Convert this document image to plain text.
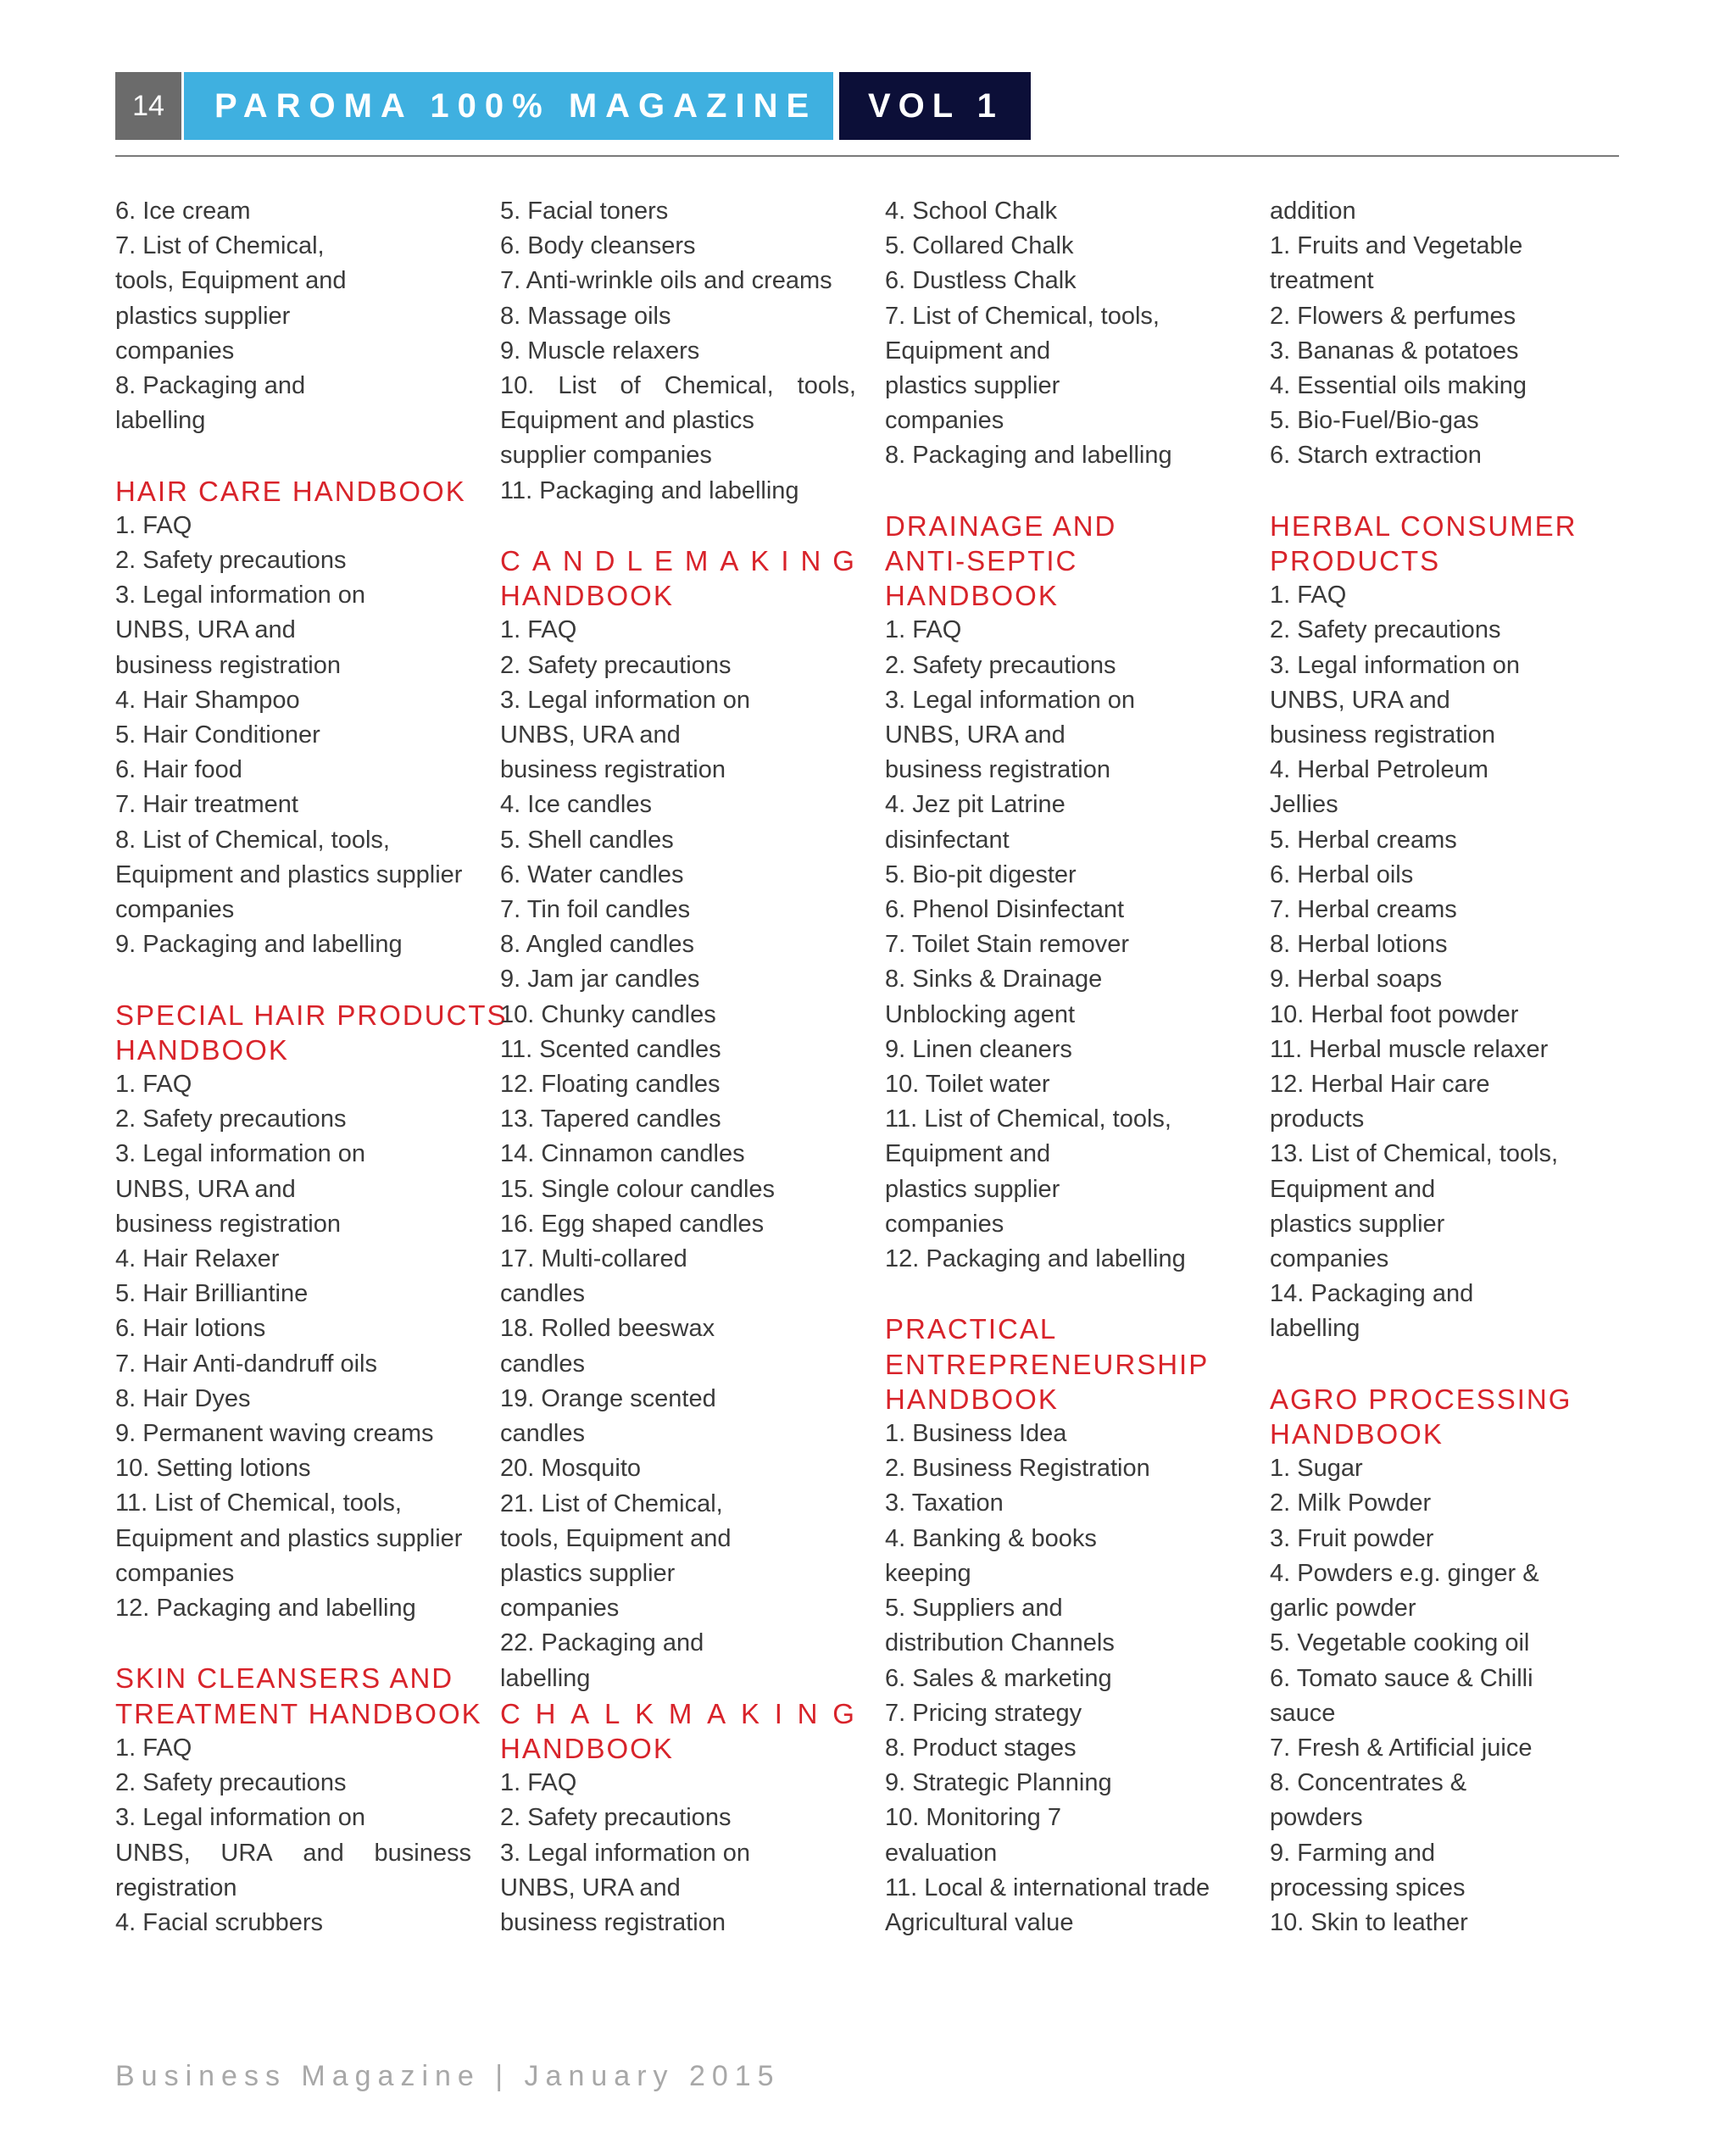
14	PAROMA 100% MAGAZINE	VOL 1
6. Ice cream
7. List of Chemical,
tools, Equipment and
plastics supplier
companies
8. Packaging and
labelling
HAIR CARE HANDBOOK
1. FAQ
2. Safety precautions
3. Legal information on
UNBS, URA and
business registration
4. Hair Shampoo
5. Hair Conditioner
6. Hair food
7. Hair treatment
8. List of Chemical, tools,
Equipment and plastics supplier
companies
9. Packaging and labelling
SPECIAL HAIR PRODUCTS
HANDBOOK
1. FAQ
2. Safety precautions
3. Legal information on
UNBS, URA and
business registration
4. Hair Relaxer
5. Hair Brilliantine
6. Hair lotions
7. Hair Anti-dandruff oils
8. Hair Dyes
9. Permanent waving creams
10. Setting lotions
11. List of Chemical, tools,
Equipment and plastics supplier
companies
12. Packaging and labelling
SKIN CLEANSERS AND
TREATMENT HANDBOOK
1. FAQ
2. Safety precautions
3. Legal information on
UNBS, URA and business
registration
4. Facial scrubbers
5. Facial toners
6. Body cleansers
7. Anti-wrinkle oils and creams
8. Massage oils
9. Muscle relaxers
10. List of Chemical, tools,
Equipment and plastics
supplier companies
11. Packaging and labelling
C A N D L E M A K I N G
HANDBOOK
1. FAQ
2. Safety precautions
3. Legal information on
UNBS, URA and
business registration
4. Ice candles
5. Shell candles
6. Water candles
7. Tin foil candles
8. Angled candles
9. Jam jar candles
10. Chunky candles
11. Scented candles
12. Floating candles
13. Tapered candles
14. Cinnamon candles
15. Single colour candles
16. Egg shaped candles
17. Multi-collared
candles
18. Rolled beeswax
candles
19. Orange scented
candles
20. Mosquito
21. List of Chemical,
tools, Equipment and
plastics supplier
companies
22. Packaging and
labelling
C H A L K M A K I N G
HANDBOOK
1. FAQ
2. Safety precautions
3. Legal information on
UNBS, URA and
business registration
4. School Chalk
5. Collared Chalk
6. Dustless Chalk
7. List of Chemical, tools,
Equipment and
plastics supplier
companies
8. Packaging and labelling
DRAINAGE AND
ANTI-SEPTIC
HANDBOOK
1. FAQ
2. Safety precautions
3. Legal information on
UNBS, URA and
business registration
4. Jez pit Latrine
disinfectant
5. Bio-pit digester
6. Phenol Disinfectant
7. Toilet Stain remover
8. Sinks & Drainage
Unblocking agent
9. Linen cleaners
10. Toilet water
11. List of Chemical, tools,
Equipment and
plastics supplier
companies
12. Packaging and labelling
PRACTICAL
ENTREPRENEURSHIP
HANDBOOK
1. Business Idea
2. Business Registration
3. Taxation
4. Banking & books
keeping
5. Suppliers and
distribution Channels
6. Sales & marketing
7. Pricing strategy
8. Product stages
9. Strategic Planning
10. Monitoring 7
evaluation
11. Local & international trade
Agricultural value
addition
1. Fruits and Vegetable
treatment
2. Flowers & perfumes
3. Bananas & potatoes
4. Essential oils making
5. Bio-Fuel/Bio-gas
6. Starch extraction
HERBAL CONSUMER
PRODUCTS
1. FAQ
2. Safety precautions
3. Legal information on
UNBS, URA and
business registration
4. Herbal Petroleum
Jellies
5. Herbal creams
6. Herbal oils
7. Herbal creams
8. Herbal lotions
9. Herbal soaps
10. Herbal foot powder
11. Herbal muscle relaxer
12. Herbal Hair care
products
13. List of Chemical, tools,
Equipment and
plastics supplier
companies
14. Packaging and
labelling
AGRO PROCESSING
HANDBOOK
1. Sugar
2. Milk Powder
3. Fruit powder
4. Powders e.g. ginger &
garlic powder
5. Vegetable cooking oil
6. Tomato sauce & Chilli
sauce
7. Fresh & Artificial juice
8. Concentrates &
powders
9. Farming and
processing spices
10. Skin to leather
Business Magazine | January 2015
